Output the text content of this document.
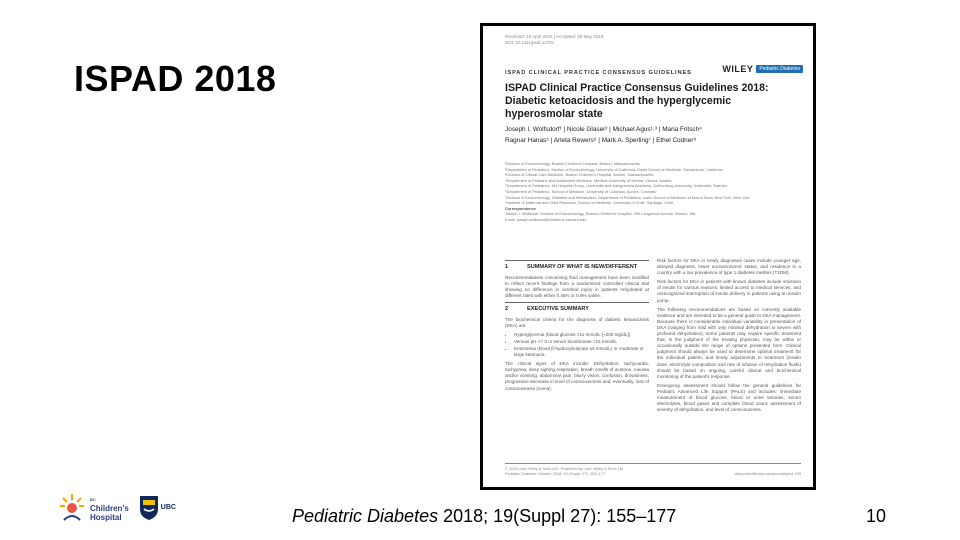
ISPAD 2018
Received: 10 April 2018 | Accepted: 29 May 2018
DOI: 10.1111/pedi.12701
WILEY	Pediatric Diabetes
ISPAD CLINICAL PRACTICE CONSENSUS GUIDELINES
ISPAD Clinical Practice Consensus Guidelines 2018: Diabetic ketoacidosis and the hyperglycemic hyperosmolar state
Joseph I. Wolfsdorf¹ | Nicole Glaser² | Michael Agus¹·³ | Maria Fritsch⁴
Ragnar Hanas⁵ | Arleta Rewers⁶ | Mark A. Sperling⁷ | Ethel Codner⁸
¹Division of Endocrinology, Boston Children's Hospital, Boston, Massachusetts
²Department of Pediatrics, Section of Endocrinology, University of California, Davis School of Medicine, Sacramento, California
³Division of Critical Care Medicine, Boston Children's Hospital, Boston, Massachusetts
⁴Department of Pediatric and Adolescent Medicine, Medical University of Vienna, Vienna, Austria
⁵Department of Pediatrics, NU Hospital Group, Uddevalla and Sahlgrenska Academy, Gothenburg University, Uddevalla, Sweden
⁶Department of Pediatrics, School of Medicine, University of Colorado, Aurora, Colorado
⁷Division of Endocrinology, Diabetes and Metabolism, Department of Pediatrics, Icahn School of Medicine at Mount Sinai, New York, New York
⁸Institute of Maternal and Child Research, School of Medicine, University of Chile, Santiago, Chile
Correspondence
Joseph I. Wolfsdorf, Division of Endocrinology, Boston Children's Hospital, 300 Longwood Avenue, Boston, MA
Email: joseph.wolfsdorf@childrens.harvard.edu
1	SUMMARY OF WHAT IS NEW/DIFFERENT

Recommendations concerning fluid management have been modified to reflect recent findings from a randomized controlled clinical trial showing no difference in cerebral injury in patients rehydrated at different rates with either 0.45% or 0.9% saline.

2	EXECUTIVE SUMMARY

The biochemical criteria for the diagnosis of diabetic ketoacidosis (DKA) are:

• Hyperglycemia (blood glucose >11 mmol/L [~200 mg/dL])
• Venous pH <7.3 or serum bicarbonate <15 mmol/L
• Ketonemia (blood β-hydroxybutyrate ≥3 mmol/L) or moderate or large ketonuria.

The clinical signs of DKA include: Dehydration, tachycardia, tachypnea, deep sighing respiration, breath smells of acetone, nausea and/or vomiting, abdominal pain, blurry vision, confusion, drowsiness, progressive decrease in level of consciousness and, eventually, loss of consciousness (coma).

Risk factors for DKA in newly diagnosed cases include younger age, delayed diagnosis, lower socioeconomic status, and residence in a country with a low prevalence of type 1 diabetes mellitus (T1DM).

Risk factors for DKA in patients with known diabetes include omission of insulin for various reasons, limited access to medical services, and unrecognized interruption of insulin delivery in patients using an insulin pump.

The following recommendations are based on currently available evidence and are intended to be a general guide to DKA management. Because there is considerable individual variability in presentation of DKA (ranging from mild with only minimal dehydration to severe with profound dehydration), some patients may require specific treatment that, in the judgment of the treating physician, may be within or occasionally outside the range of options presented here. Clinical judgment should always be used to determine optimal treatment for the individual patient, and timely adjustments to treatment (insulin dose, electrolyte composition and rate of infusion of rehydration fluids) should be based on ongoing, careful clinical and biochemical monitoring of the patient's response.

Emergency assessment should follow the general guidelines for Pediatric Advanced Life Support (PALS) and includes: immediate measurement of blood glucose, blood or urine ketones, serum electrolytes, blood gases and complete blood count; assessment of severity of dehydration, and level of consciousness.

© 2018 John Wiley & Sons A/S. Published by John Wiley & Sons Ltd
Pediatric Diabetes October 2018; 19 (Suppl. 27): 155–177	wileyonlinelibrary.com/journal/pedi 155
BC
Children's
Hospital
UBC	Pediatric Diabetes 2018; 19(Suppl 27): 155–177	10
